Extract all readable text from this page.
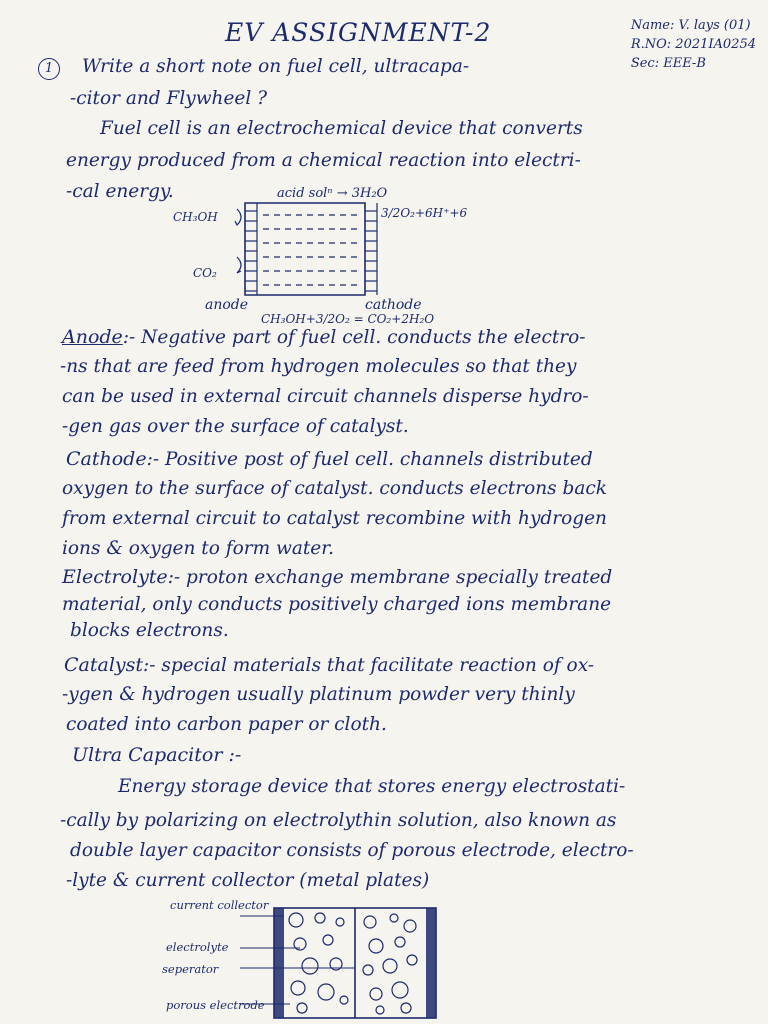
EV ASSIGNMENT-2	Name: V. lays (01)
R.NO: 2021IA0254
Sec: EEE-B
1	Write a short note on fuel cell, ultracapa-
-citor and Flywheel ?
Fuel cell is an electrochemical device that converts
energy produced from a chemical reaction into electri-
-cal energy.	acid solⁿ → 3H₂O
3/2O₂+6H⁺+6
CH₃OH
CO₂
anode	cathode
CH₃OH+3/2O₂ = CO₂+2H₂O
Anode:- Negative part of fuel cell. conducts the electro-
-ns that are feed from hydrogen molecules so that they
can be used in external circuit channels disperse hydro-
-gen gas over the surface of catalyst.
Cathode:- Positive post of fuel cell. channels distributed
oxygen to the surface of catalyst. conducts electrons back
from external circuit to catalyst recombine with hydrogen
ions & oxygen to form water.
Electrolyte:- proton exchange membrane specially treated
material, only conducts positively charged ions membrane
blocks electrons.
Catalyst:- special materials that facilitate reaction of ox-
-ygen & hydrogen usually platinum powder very thinly
coated into carbon paper or cloth.
Ultra Capacitor :-
Energy storage device that stores energy electrostati-
-cally by polarizing on electrolythin solution, also known as
double layer capacitor consists of porous electrode, electro-
-lyte & current collector (metal plates)
current collector
electrolyte
seperator
porous electrode
